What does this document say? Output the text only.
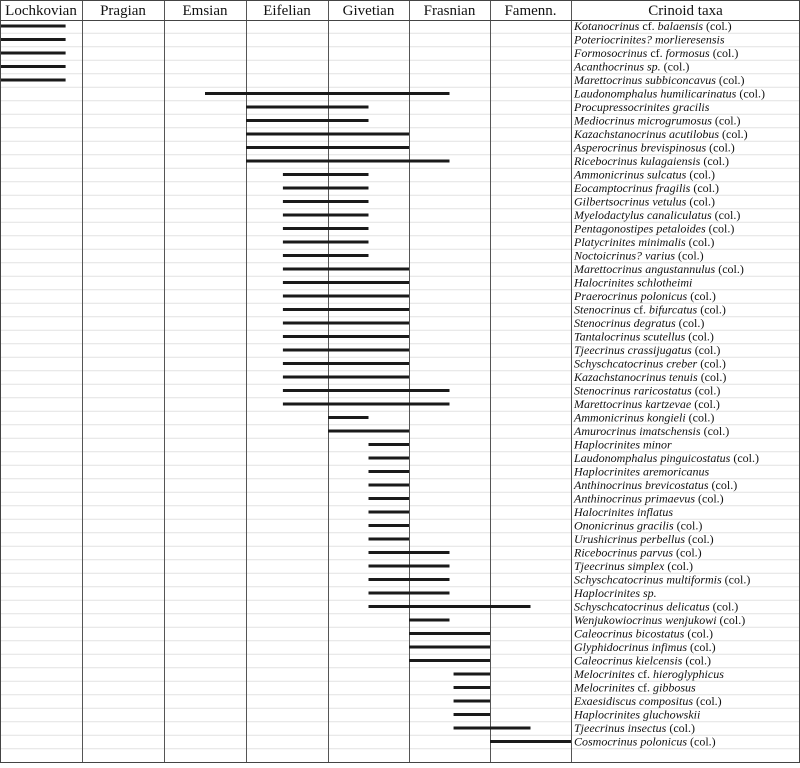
Lochkovian Pragian Emsian Eifelian Givetian Frasnian Famenn.	Crinoid taxa
Kotanocrinus cf. balaensis (col.)
Poteriocrinites? morlieresensis
Formosocrinus cf. formosus (col.)
Acanthocrinus sp. (col.)
Marettocrinus subbiconcavus (col.)
Laudonomphalus humilicarinatus (col.)
Procupressocrinites gracilis
Mediocrinus microgrumosus (col.)
Kazachstanocrinus acutilobus (col.)
Asperocrinus brevispinosus (col.)
Ricebocrinus kulagaiensis (col.)
Ammonicrinus sulcatus (col.)
Eocamptocrinus fragilis (col.)
Gilbertsocrinus vetulus (col.)
Myelodactylus canaliculatus (col.)
Pentagonostipes petaloides (col.)
Platycrinites minimalis (col.)
Noctoicrinus? varius (col.)
Marettocrinus angustannulus (col.)
Halocrinites schlotheimi
Praerocrinus polonicus (col.)
Stenocrinus cf. bifurcatus (col.)
Stenocrinus degratus (col.)
Tantalocrinus scutellus (col.)
Tjeecrinus crassijugatus (col.)
Schyschcatocrinus creber (col.)
Kazachstanocrinus tenuis (col.)
Stenocrinus raricostatus (col.)
Marettocrinus kartzevae (col.)
Ammonicrinus kongieli (col.)
Amurocrinus imatschensis (col.)
Haplocrinites minor
Laudonomphalus pinguicostatus (col.)
Haplocrinites aremoricanus
Anthinocrinus brevicostatus (col.)
Anthinocrinus primaevus (col.)
Halocrinites inflatus
Ononicrinus gracilis (col.)
Urushicrinus perbellus (col.)
Ricebocrinus parvus (col.)
Tjeecrinus simplex (col.)
Schyschcatocrinus multiformis (col.)
Haplocrinites sp.
Schyschcatocrinus delicatus (col.)
Wenjukowiocrinus wenjukowi (col.)
Caleocrinus bicostatus (col.)
Glyphidocrinus infimus (col.)
Caleocrinus kielcensis (col.)
Melocrinites cf. hieroglyphicus
Melocrinites cf. gibbosus
Exaesidiscus compositus (col.)
Haplocrinites gluchowskii
Tjeecrinus insectus (col.)
Cosmocrinus polonicus (col.)
